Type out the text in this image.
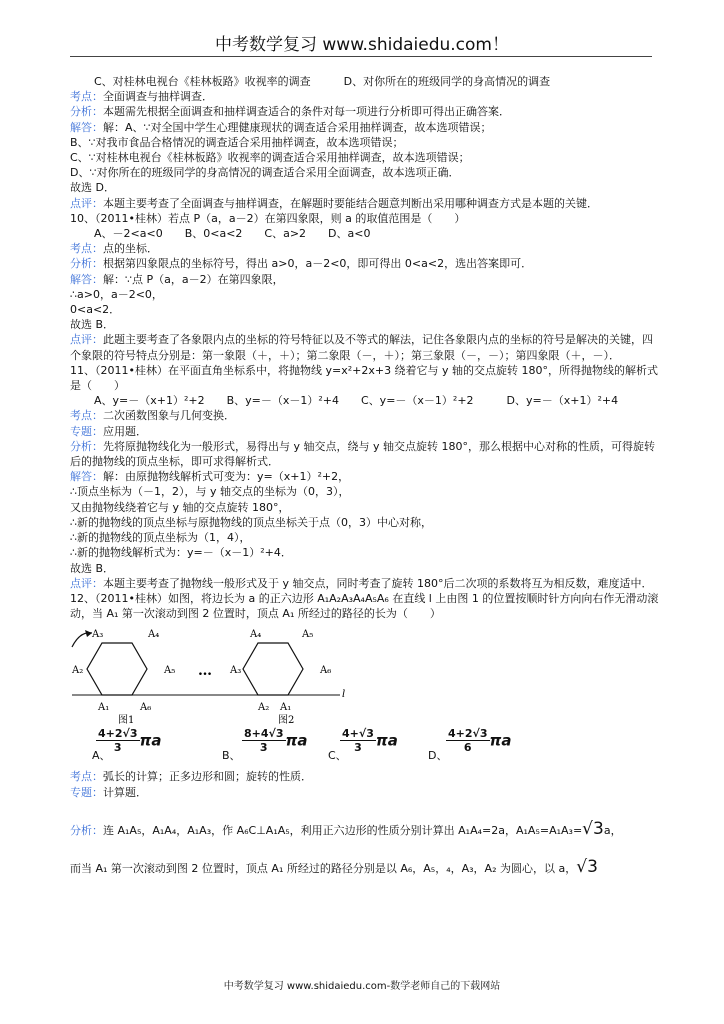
中考数学复习 www.shidaiedu.com！
C、对桂林电视台《桂林板路》收视率的调查　　　D、对你所在的班级同学的身高情况的调查
考点：全面调查与抽样调查．
分析：本题需先根据全面调查和抽样调查适合的条件对每一项进行分析即可得出正确答案．
解答：解：A、∵对全国中学生心理健康现状的调查适合采用抽样调查，故本选项错误；
B、∵对我市食品合格情况的调查适合采用抽样调查，故本选项错误；
C、∵对桂林电视台《桂林板路》收视率的调查适合采用抽样调查，故本选项错误；
D、∵对你所在的班级同学的身高情况的调查适合采用全面调查，故本选项正确．
故选 D．
点评：本题主要考查了全面调查与抽样调查，在解题时要能结合题意判断出采用哪种调查方式是本题的关键．
10、（2011•桂林）若点 P（a，a－2）在第四象限，则 a 的取值范围是（　　）
A、－2<a<0　　B、0<a<2　　C、a>2　　D、a<0
考点：点的坐标．
分析：根据第四象限点的坐标符号，得出 a>0，a－2<0，即可得出 0<a<2，选出答案即可．
解答：解：∵点 P（a，a－2）在第四象限，
∴a>0，a－2<0，
0<a<2．
故选 B．
点评：此题主要考查了各象限内点的坐标的符号特征以及不等式的解法，记住各象限内点的坐标的符号是解决的关键，四个象限的符号特点分别是：第一象限（＋，＋）；第二象限（－，＋）；第三象限（－，－）；第四象限（＋，－）．
11、（2011•桂林）在平面直角坐标系中，将抛物线 y=x²+2x+3 绕着它与 y 轴的交点旋转 180°，所得抛物线的解析式是（　　）
A、y=－（x+1）²+2　　B、y=－（x－1）²+4　　C、y=－（x－1）²+2　　　D、y=－（x+1）²+4
考点：二次函数图象与几何变换．
专题：应用题．
分析：先将原抛物线化为一般形式，易得出与 y 轴交点，绕与 y 轴交点旋转 180°，那么根据中心对称的性质，可得旋转后的抛物线的顶点坐标，即可求得解析式．
解答：解：由原抛物线解析式可变为：y=（x+1）²+2，
∴顶点坐标为（－1，2），与 y 轴交点的坐标为（0，3），
又由抛物线绕着它与 y 轴的交点旋转 180°，
∴新的抛物线的顶点坐标与原抛物线的顶点坐标关于点（0，3）中心对称，
∴新的抛物线的顶点坐标为（1，4），
∴新的抛物线解析式为：y=－（x－1）²+4．
故选 B．
点评：本题主要考查了抛物线一般形式及于 y 轴交点，同时考查了旋转 180°后二次项的系数将互为相反数，难度适中．
12、（2011•桂林）如图，将边长为 a 的正六边形 A₁A₂A₃A₄A₅A₆ 在直线 l 上由图 1 的位置按顺时针方向向右作无滑动滚动，当 A₁ 第一次滚动到图 2 位置时，顶点 A₁ 所经过的路径的长为（　　）
l
A₁
A₂
A₃	A₄
A₅
A₆
图1
…
A₂ A₁
A₃
A₄	A₅
A₆
图2
$\frac{4+2√3}{3}$ πa
A、
$\frac{8+4√3}{3}$ πa
B、
$\frac{4+√3}{3}$ πa
C、
$\frac{4+2√3}{6}$ πa
D、
考点：弧长的计算；正多边形和圆；旋转的性质．
专题：计算题．
分析：连 A₁A₅，A₁A₄，A₁A₃，作 A₆C⊥A₁A₅，利用正六边形的性质分别计算出 A₁A₄=2a，A₁A₅=A₁A₃=√3a，
而当 A₁ 第一次滚动到图 2 位置时，顶点 A₁ 所经过的路径分别是以 A₆，A₅，₄，A₃，A₂ 为圆心，以 a，√3
中考数学复习 www.shidaiedu.com-数学老师自己的下载网站
